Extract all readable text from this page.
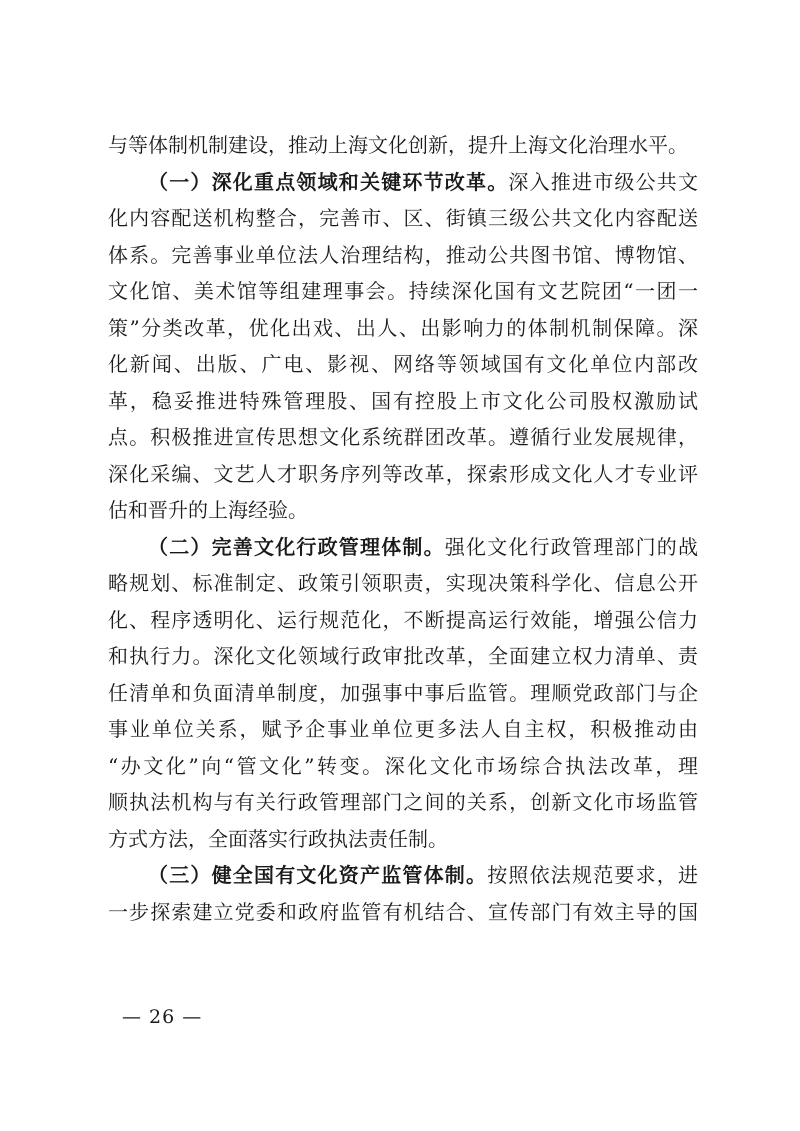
与等体制机制建设，推动上海文化创新，提升上海文化治理水平。
（一）深化重点领域和关键环节改革。深入推进市级公共文
化内容配送机构整合，完善市、区、街镇三级公共文化内容配送
体系。完善事业单位法人治理结构，推动公共图书馆、博物馆、
文化馆、美术馆等组建理事会。持续深化国有文艺院团“一团一
策”分类改革，优化出戏、出人、出影响力的体制机制保障。深
化新闻、出版、广电、影视、网络等领域国有文化单位内部改
革，稳妥推进特殊管理股、国有控股上市文化公司股权激励试
点。积极推进宣传思想文化系统群团改革。遵循行业发展规律，
深化采编、文艺人才职务序列等改革，探索形成文化人才专业评
估和晋升的上海经验。
（二）完善文化行政管理体制。强化文化行政管理部门的战
略规划、标准制定、政策引领职责，实现决策科学化、信息公开
化、程序透明化、运行规范化，不断提高运行效能，增强公信力
和执行力。深化文化领域行政审批改革，全面建立权力清单、责
任清单和负面清单制度，加强事中事后监管。理顺党政部门与企
事业单位关系，赋予企事业单位更多法人自主权，积极推动由
“办文化”向“管文化”转变。深化文化市场综合执法改革，理
顺执法机构与有关行政管理部门之间的关系，创新文化市场监管
方式方法，全面落实行政执法责任制。
（三）健全国有文化资产监管体制。按照依法规范要求，进
一步探索建立党委和政府监管有机结合、宣传部门有效主导的国
— 26 —
